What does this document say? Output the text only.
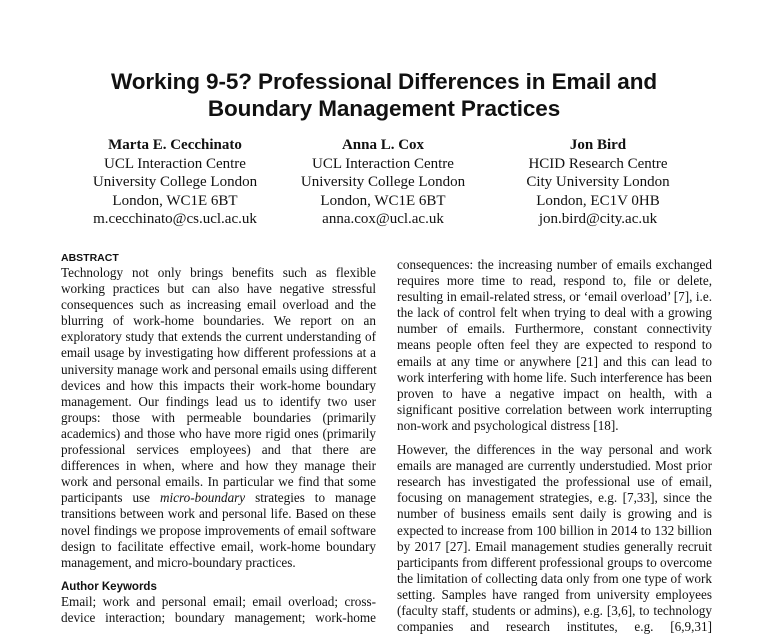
Working 9-5? Professional Differences in Email and
Boundary Management Practices
Marta E. Cecchinato
UCL Interaction Centre
University College London
London, WC1E 6BT
m.cecchinato@cs.ucl.ac.uk
Anna L. Cox
UCL Interaction Centre
University College London
London, WC1E 6BT
anna.cox@ucl.ac.uk
Jon Bird
HCID Research Centre
City University London
London, EC1V 0HB
jon.bird@city.ac.uk
ABSTRACT
Technology not only brings benefits such as flexible
working practices but can also have negative stressful
consequences such as increasing email overload and the
blurring of work-home boundaries. We report on an
exploratory study that extends the current understanding of
email usage by investigating how different professions at a
university manage work and personal emails using different
devices and how this impacts their work-home boundary
management. Our findings lead us to identify two user
groups: those with permeable boundaries (primarily
academics) and those who have more rigid ones (primarily
professional services employees) and that there are
differences in when, where and how they manage their
work and personal emails. In particular we find that some
participants use micro-boundary strategies to manage
transitions between work and personal life. Based on these
novel findings we propose improvements of email software
design to facilitate effective email, work-home boundary
management, and micro-boundary practices.
Author Keywords
Email; work and personal email; email overload; cross-
device interaction; boundary management; work-home
consequences: the increasing number of emails exchanged
requires more time to read, respond to, file or delete,
resulting in email-related stress, or ‘email overload’ [7], i.e.
the lack of control felt when trying to deal with a growing
number of emails. Furthermore, constant connectivity
means people often feel they are expected to respond to
emails at any time or anywhere [21] and this can lead to
work interfering with home life. Such interference has been
proven to have a negative impact on health, with a
significant positive correlation between work interrupting
non-work and psychological distress [18].
However, the differences in the way personal and work
emails are managed are currently understudied. Most prior
research has investigated the professional use of email,
focusing on management strategies, e.g. [7,33], since the
number of business emails sent daily is growing and is
expected to increase from 100 billion in 2014 to 132 billion
by 2017 [27]. Email management studies generally recruit
participants from different professional groups to overcome
the limitation of collecting data only from one type of work
setting. Samples have ranged from university employees
(faculty staff, students or admins), e.g. [3,6], to technology
companies and research institutes, e.g. [6,9,31]
